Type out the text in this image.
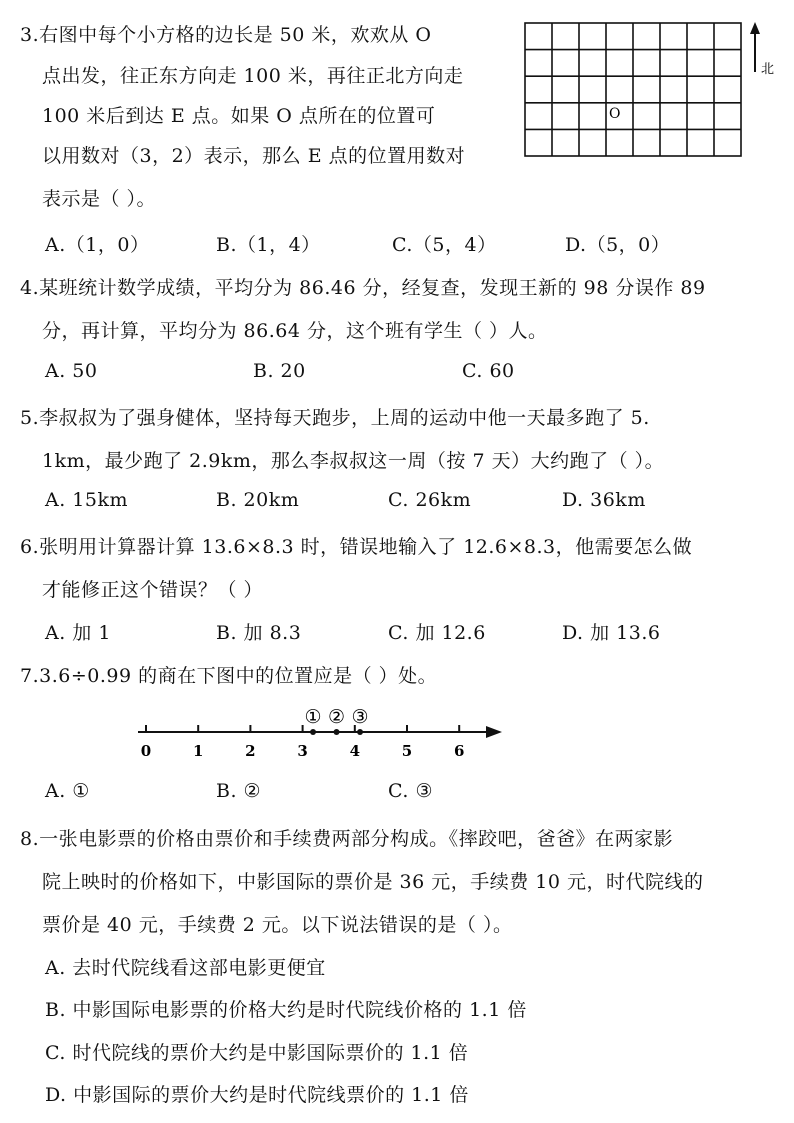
3.右图中每个小方格的边长是 50 米，欢欢从 O
点出发，往正东方向走 100 米，再往正北方向走
100 米后到达 E 点。如果 O 点所在的位置可
以用数对（3，2）表示，那么 E 点的位置用数对
表示是（ ）。
O
北
A.（1，0）	B.（1，4）	C.（5，4）	D.（5，0）
4.某班统计数学成绩，平均分为 86.46 分，经复查，发现王新的 98 分误作 89
分，再计算，平均分为 86.64 分，这个班有学生（ ）人。
A. 50	B. 20	C. 60
5.李叔叔为了强身健体，坚持每天跑步，上周的运动中他一天最多跑了 5.
1km，最少跑了 2.9km，那么李叔叔这一周（按 7 天）大约跑了（ ）。
A. 15km	B. 20km	C. 26km	D. 36km
6.张明用计算器计算 13.6×8.3 时，错误地输入了 12.6×8.3，他需要怎么做
才能修正这个错误？（ ）
A. 加 1	B. 加 8.3	C. 加 12.6	D. 加 13.6
7.3.6÷0.99 的商在下图中的位置应是（ ）处。
0	1	2	3	4	5	6
① ② ③
A. ①	B. ②	C. ③
8.一张电影票的价格由票价和手续费两部分构成。《摔跤吧，爸爸》在两家影
院上映时的价格如下，中影国际的票价是 36 元，手续费 10 元，时代院线的
票价是 40 元，手续费 2 元。以下说法错误的是（ ）。
A. 去时代院线看这部电影更便宜
B. 中影国际电影票的价格大约是时代院线价格的 1.1 倍
C. 时代院线的票价大约是中影国际票价的 1.1 倍
D. 中影国际的票价大约是时代院线票价的 1.1 倍
